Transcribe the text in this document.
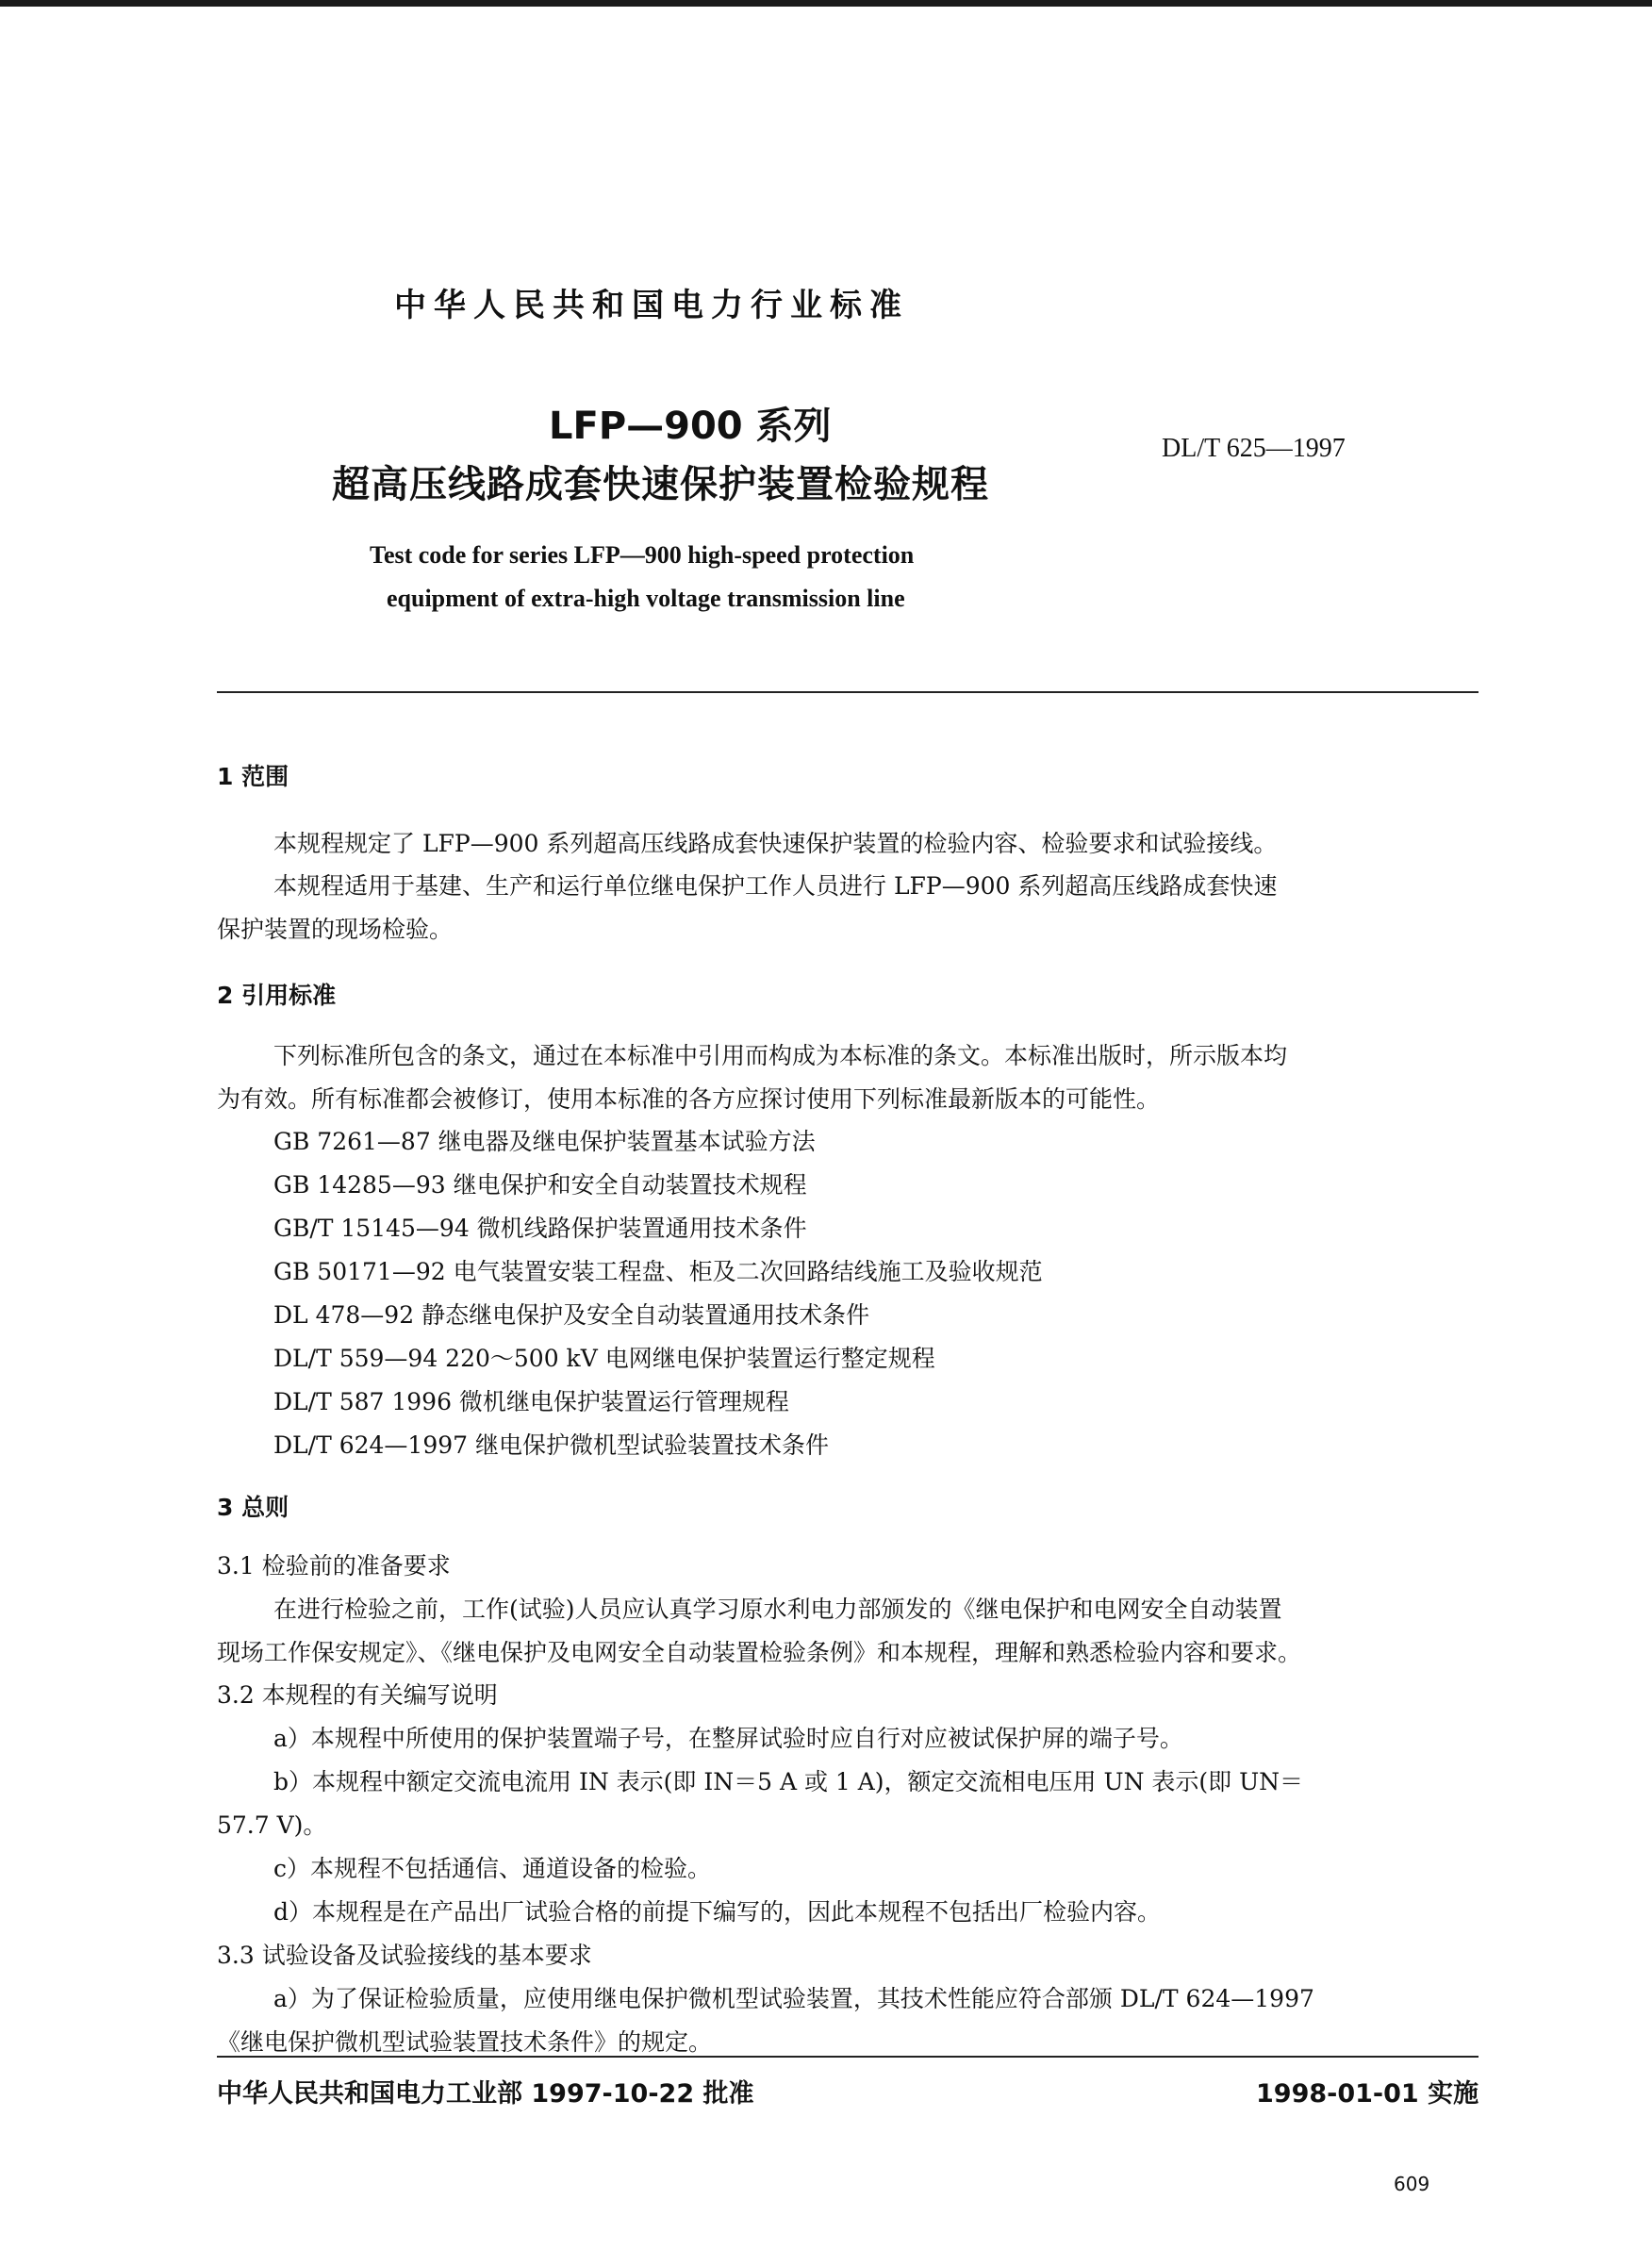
中华人民共和国电力行业标准
LFP—900 系列
超高压线路成套快速保护装置检验规程
DL/T 625—1997
Test code for series LFP—900 high-speed protection
equipment of extra-high voltage transmission line
1 范围
本规程规定了 LFP—900 系列超高压线路成套快速保护装置的检验内容、检验要求和试验接线。
本规程适用于基建、生产和运行单位继电保护工作人员进行 LFP—900 系列超高压线路成套快速
保护装置的现场检验。
2 引用标准
下列标准所包含的条文，通过在本标准中引用而构成为本标准的条文。本标准出版时，所示版本均
为有效。所有标准都会被修订，使用本标准的各方应探讨使用下列标准最新版本的可能性。
GB 7261—87 继电器及继电保护装置基本试验方法
GB 14285—93 继电保护和安全自动装置技术规程
GB/T 15145—94 微机线路保护装置通用技术条件
GB 50171—92 电气装置安装工程盘、柜及二次回路结线施工及验收规范
DL 478—92 静态继电保护及安全自动装置通用技术条件
DL/T 559—94 220～500 kV 电网继电保护装置运行整定规程
DL/T 587 1996 微机继电保护装置运行管理规程
DL/T 624—1997 继电保护微机型试验装置技术条件
3 总则
3.1 检验前的准备要求
在进行检验之前，工作(试验)人员应认真学习原水利电力部颁发的《继电保护和电网安全自动装置
现场工作保安规定》、《继电保护及电网安全自动装置检验条例》和本规程，理解和熟悉检验内容和要求。
3.2 本规程的有关编写说明
a）本规程中所使用的保护装置端子号，在整屏试验时应自行对应被试保护屏的端子号。
b）本规程中额定交流电流用 IN 表示(即 IN＝5 A 或 1 A)，额定交流相电压用 UN 表示(即 UN＝
57.7 V)。
c）本规程不包括通信、通道设备的检验。
d）本规程是在产品出厂试验合格的前提下编写的，因此本规程不包括出厂检验内容。
3.3 试验设备及试验接线的基本要求
a）为了保证检验质量，应使用继电保护微机型试验装置，其技术性能应符合部颁 DL/T 624—1997
《继电保护微机型试验装置技术条件》的规定。
中华人民共和国电力工业部 1997-10-22 批准	1998-01-01 实施
609
